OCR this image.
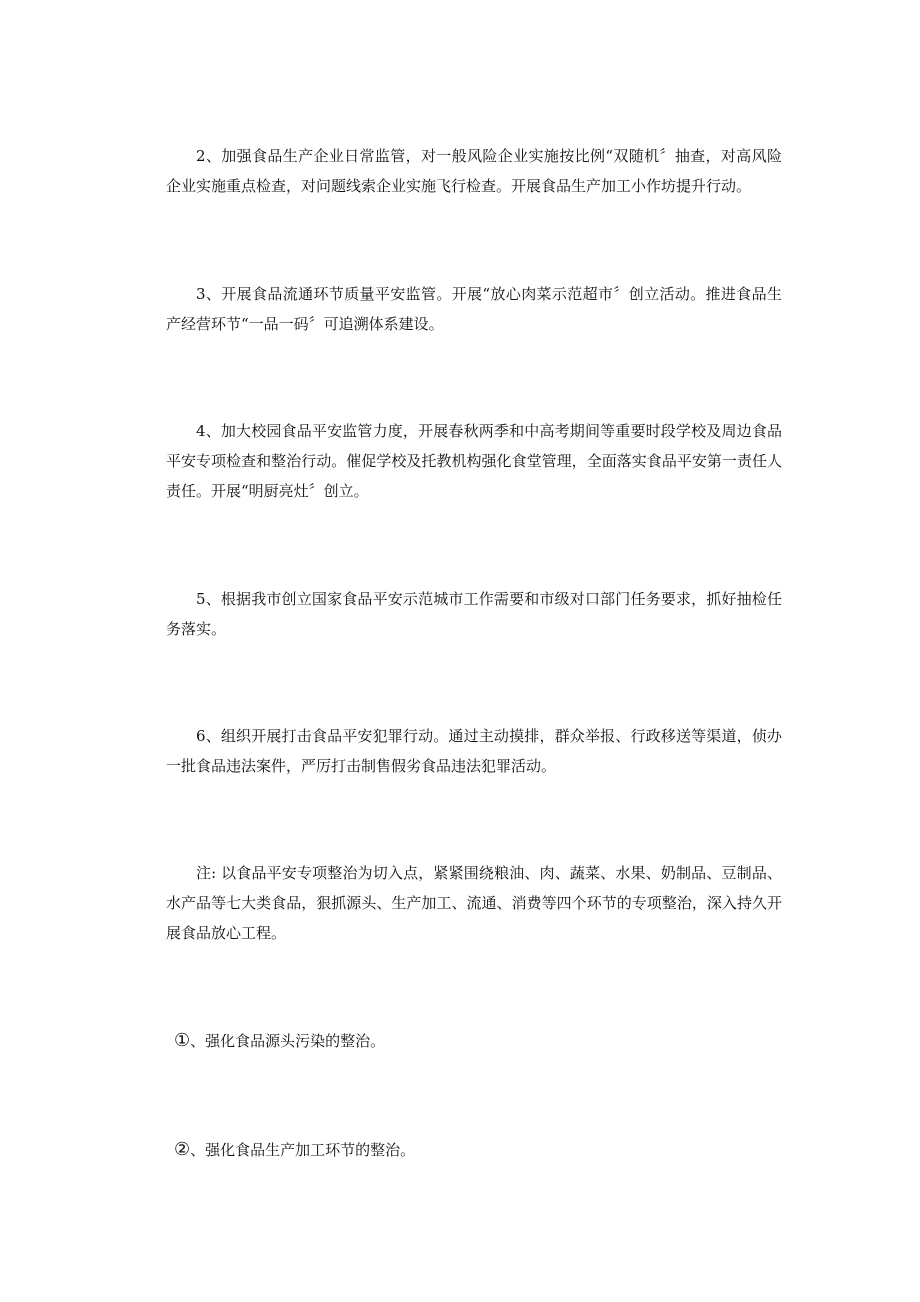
2、加强食品生产企业日常监管，对一般风险企业实施按比例“双随机〞抽查，对高风险企业实施重点检查，对问题线索企业实施飞行检查。开展食品生产加工小作坊提升行动。

3、开展食品流通环节质量平安监管。开展“放心肉菜示范超市〞创立活动。推进食品生产经营环节“一品一码〞可追溯体系建设。

4、加大校园食品平安监管力度，开展春秋两季和中高考期间等重要时段学校及周边食品平安专项检查和整治行动。催促学校及托教机构强化食堂管理，全面落实食品平安第一责任人责任。开展“明厨亮灶〞创立。

5、根据我市创立国家食品平安示范城市工作需要和市级对口部门任务要求，抓好抽检任务落实。

6、组织开展打击食品平安犯罪行动。通过主动摸排，群众举报、行政移送等渠道，侦办一批食品违法案件，严厉打击制售假劣食品违法犯罪活动。

注: 以食品平安专项整治为切入点，紧紧围绕粮油、肉、蔬菜、水果、奶制品、豆制品、水产品等七大类食品，狠抓源头、生产加工、流通、消费等四个环节的专项整治，深入持久开展食品放心工程。

①、强化食品源头污染的整治。

②、强化食品生产加工环节的整治。
